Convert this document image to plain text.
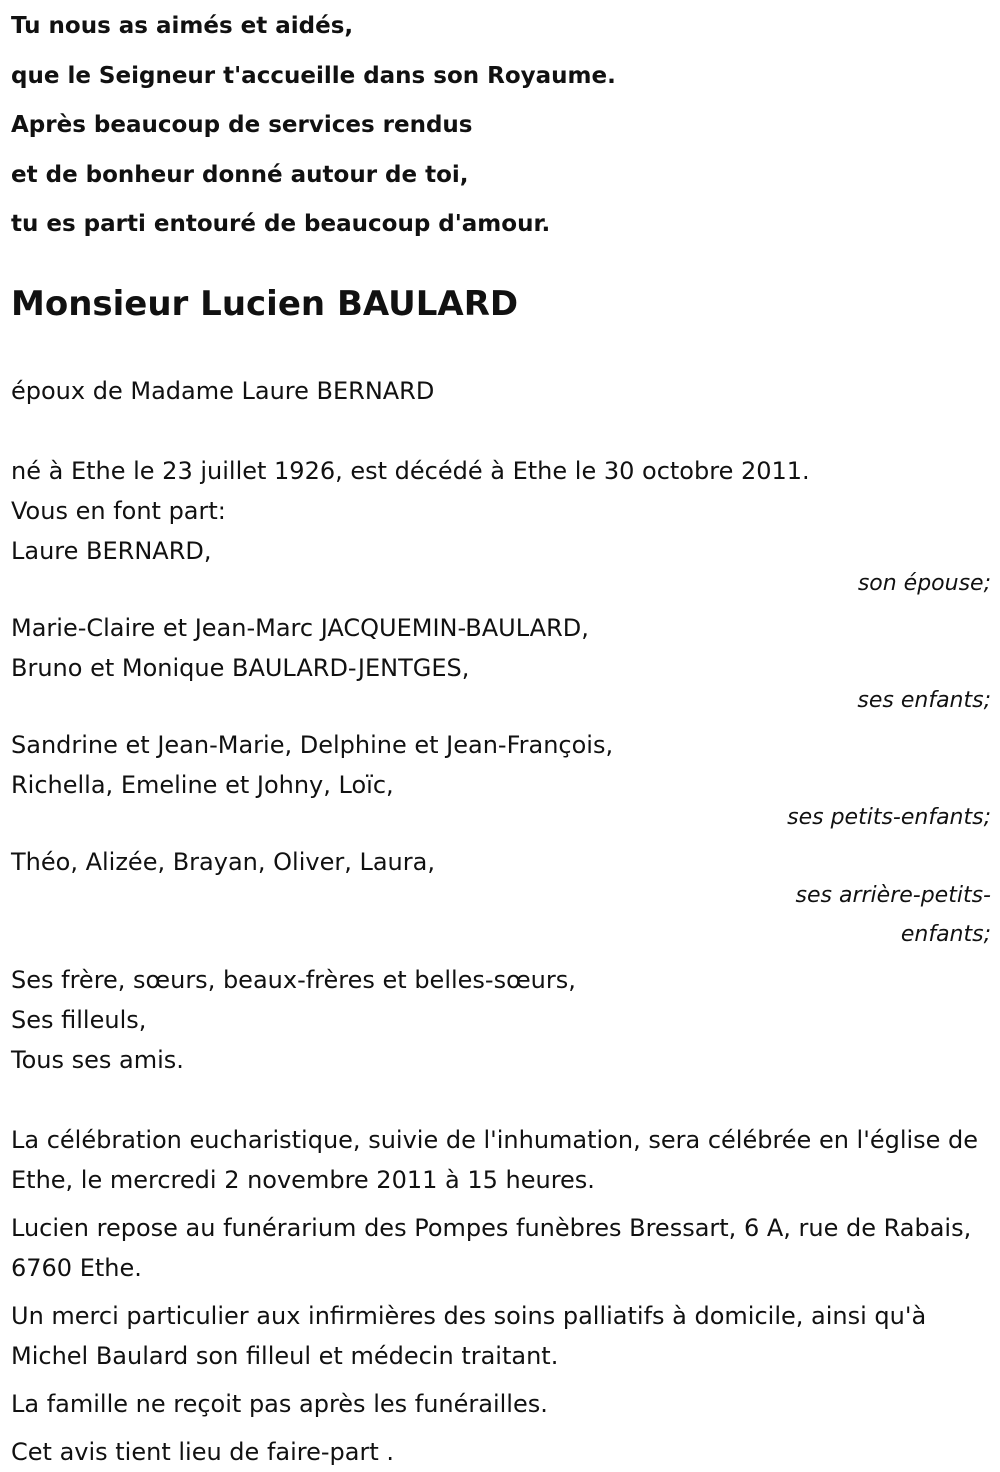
Tu nous as aimés et aidés,
que le Seigneur t'accueille dans son Royaume.
Après beaucoup de services rendus
et de bonheur donné autour de toi,
tu es parti entouré de beaucoup d'amour.
Monsieur Lucien BAULARD
époux de Madame Laure BERNARD
né à Ethe le 23 juillet 1926, est décédé à Ethe le 30 octobre 2011.
Vous en font part:
Laure BERNARD,
son épouse;
Marie-Claire et Jean-Marc JACQUEMIN-BAULARD,
Bruno et Monique BAULARD-JENTGES,
ses enfants;
Sandrine et Jean-Marie, Delphine et Jean-François,
Richella, Emeline et Johny, Loïc,
ses petits-enfants;
Théo, Alizée, Brayan, Oliver, Laura,
ses arrière-petits-enfants;
Ses frère, sœurs, beaux-frères et belles-sœurs,
Ses filleuls,
Tous ses amis.
La célébration eucharistique, suivie de l'inhumation, sera célébrée en l'église de Ethe, le mercredi 2 novembre 2011 à 15 heures.
Lucien repose au funérarium des Pompes funèbres Bressart, 6 A, rue de Rabais, 6760 Ethe.
Un merci particulier aux infirmières des soins palliatifs à domicile, ainsi qu'à Michel Baulard son filleul et médecin traitant.
La famille ne reçoit pas après les funérailles.
Cet avis tient lieu de faire-part .
